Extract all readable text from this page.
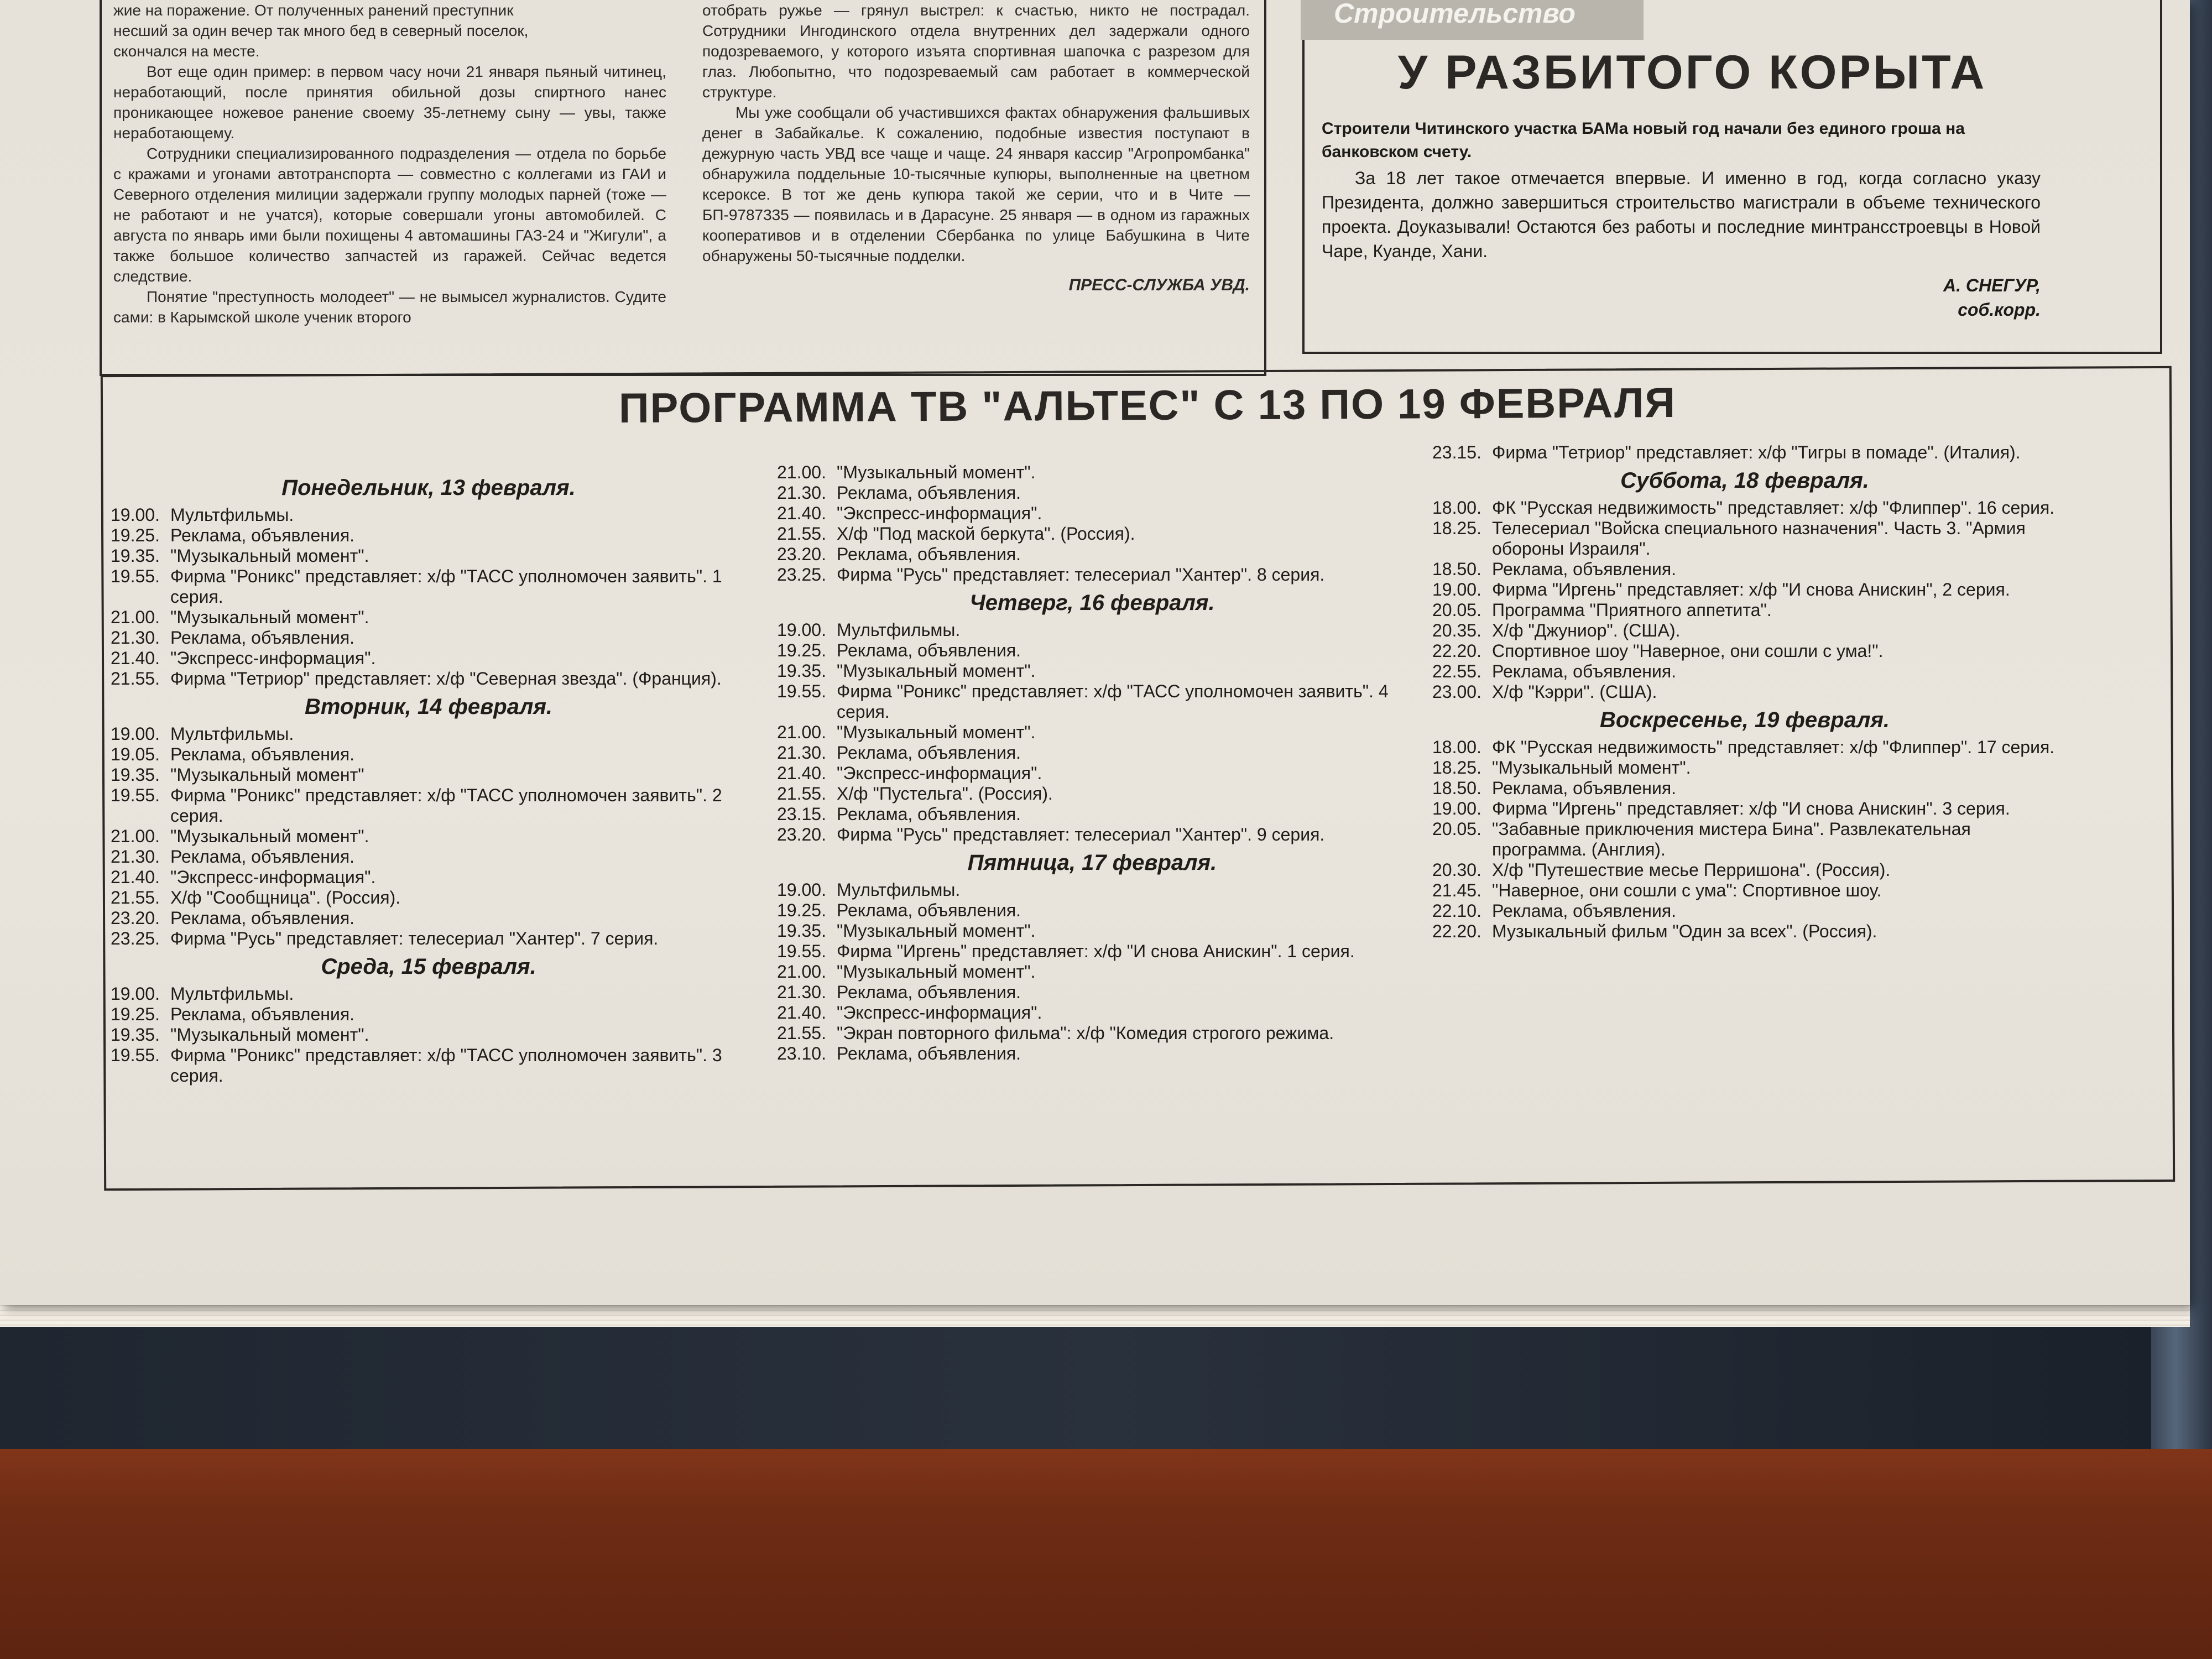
жие на поражение. От полученных ранений преступник

несший за один вечер так много бед в северный поселок,

скончался на месте.

Вот еще один пример: в первом часу ночи 21 января пьяный читинец, неработающий, после принятия обильной дозы спиртного нанес проникающее ножевое ранение своему 35-летнему сыну — увы, также неработающему.

Сотрудники специализированного подразделения — отдела по борьбе с кражами и угонами автотранспорта — совместно с коллегами из ГАИ и Северного отделения милиции задержали группу молодых парней (тоже — не работают и не учатся), которые совершали угоны автомобилей. С августа по январь ими были похищены 4 автомашины ГАЗ-24 и "Жигули", а также большое количество запчастей из гаражей. Сейчас ведется следствие.

Понятие "преступность молодеет" — не вымысел журналистов. Судите сами: в Карымской школе ученик второго

отобрать ружье — грянул выстрел: к счастью, никто не пострадал. Сотрудники Ингодинского отдела внутренних дел задержали одного подозреваемого, у которого изъята спортивная шапочка с разрезом для глаз. Любопытно, что подозреваемый сам работает в коммерческой структуре.

Мы уже сообщали об участившихся фактах обнаружения фальшивых денег в Забайкалье. К сожалению, подобные известия поступают в дежурную часть УВД все чаще и чаще. 24 января кассир "Агропромбанка" обнаружила поддельные 10-тысячные купюры, выполненные на цветном ксероксе. В тот же день купюра такой же серии, что и в Чите — БП-9787335 — появилась и в Дарасуне. 25 января — в одном из гаражных кооперативов и в отделении Сбербанка по улице Бабушкина в Чите обнаружены 50-тысячные подделки.

ПРЕСС-СЛУЖБА УВД.

Строительство
У РАЗБИТОГО КОРЫТА

Строители Читинского участка БАМа новый год начали без единого гроша на банковском счету.

За 18 лет такое отмечается впервые. И именно в год, когда согласно указу Президента, должно завершиться строительство магистрали в объеме технического проекта. Доуказывали! Остаются без работы и последние минтрансстроевцы в Новой Чаре, Куанде, Хани.

А. СНЕГУР,
соб.корр.
ПРОГРАММА ТВ "АЛЬТЕС" С 13 ПО 19 ФЕВРАЛЯ
Понедельник, 13 февраля.
19.00. Мультфильмы.
19.25. Реклама, объявления.
19.35. "Музыкальный момент".
19.55. Фирма "Роникс" представляет: х/ф "ТАСС уполномочен заявить". 1 серия.
21.00. "Музыкальный момент".
21.30. Реклама, объявления.
21.40. "Экспресс-информация".
21.55. Фирма "Тетриор" представляет: х/ф "Северная звезда". (Франция).
Вторник, 14 февраля.
19.00. Мультфильмы.
19.05. Реклама, объявления.
19.35. "Музыкальный момент"
19.55. Фирма "Роникс" представляет: х/ф "ТАСС уполномочен заявить". 2 серия.
21.00. "Музыкальный момент".
21.30. Реклама, объявления.
21.40. "Экспресс-информация".
21.55. Х/ф "Сообщница". (Россия).
23.20. Реклама, объявления.
23.25. Фирма "Русь" представляет: телесериал "Хантер". 7 серия.
Среда, 15 февраля.
19.00. Мультфильмы.
19.25. Реклама, объявления.
19.35. "Музыкальный момент".
19.55. Фирма "Роникс" представляет: х/ф "ТАСС уполномочен заявить". 3 серия.
21.00. "Музыкальный момент".
21.30. Реклама, объявления.
21.40. "Экспресс-информация".
21.55. Х/ф "Под маской беркута". (Россия).
23.20. Реклама, объявления.
23.25. Фирма "Русь" представляет: телесериал "Хантер". 8 серия.
Четверг, 16 февраля.
19.00. Мультфильмы.
19.25. Реклама, объявления.
19.35. "Музыкальный момент".
19.55. Фирма "Роникс" представляет: х/ф "ТАСС уполномочен заявить". 4 серия.
21.00. "Музыкальный момент".
21.30. Реклама, объявления.
21.40. "Экспресс-информация".
21.55. Х/ф "Пустельга". (Россия).
23.15. Реклама, объявления.
23.20. Фирма "Русь" представляет: телесериал "Хантер". 9 серия.
Пятница, 17 февраля.
19.00. Мультфильмы.
19.25. Реклама, объявления.
19.35. "Музыкальный момент".
19.55. Фирма "Иргень" представляет: х/ф "И снова Анискин". 1 серия.
21.00. "Музыкальный момент".
21.30. Реклама, объявления.
21.40. "Экспресс-информация".
21.55. "Экран повторного фильма": х/ф "Комедия строгого режима.
23.10. Реклама, объявления.
23.15. Фирма "Тетриор" представляет: х/ф "Тигры в помаде". (Италия).
Суббота, 18 февраля.
18.00. ФК "Русская недвижимость" представляет: х/ф "Флиппер". 16 серия.
18.25. Телесериал "Войска специального назначения". Часть 3. "Армия обороны Израиля".
18.50. Реклама, объявления.
19.00. Фирма "Иргень" представляет: х/ф "И снова Анискин", 2 серия.
20.05. Программа "Приятного аппетита".
20.35. Х/ф "Джуниор". (США).
22.20. Спортивное шоу "Наверное, они сошли с ума!".
22.55. Реклама, объявления.
23.00. Х/ф "Кэрри". (США).
Воскресенье, 19 февраля.
18.00. ФК "Русская недвижимость" представляет: х/ф "Флиппер". 17 серия.
18.25. "Музыкальный момент".
18.50. Реклама, объявления.
19.00. Фирма "Иргень" представляет: х/ф "И снова Анискин". 3 серия.
20.05. "Забавные приключения мистера Бина". Развлекательная программа. (Англия).
20.30. Х/ф "Путешествие месье Перришона". (Россия).
21.45. "Наверное, они сошли с ума": Спортивное шоу.
22.10. Реклама, объявления.
22.20. Музыкальный фильм "Один за всех". (Россия).
